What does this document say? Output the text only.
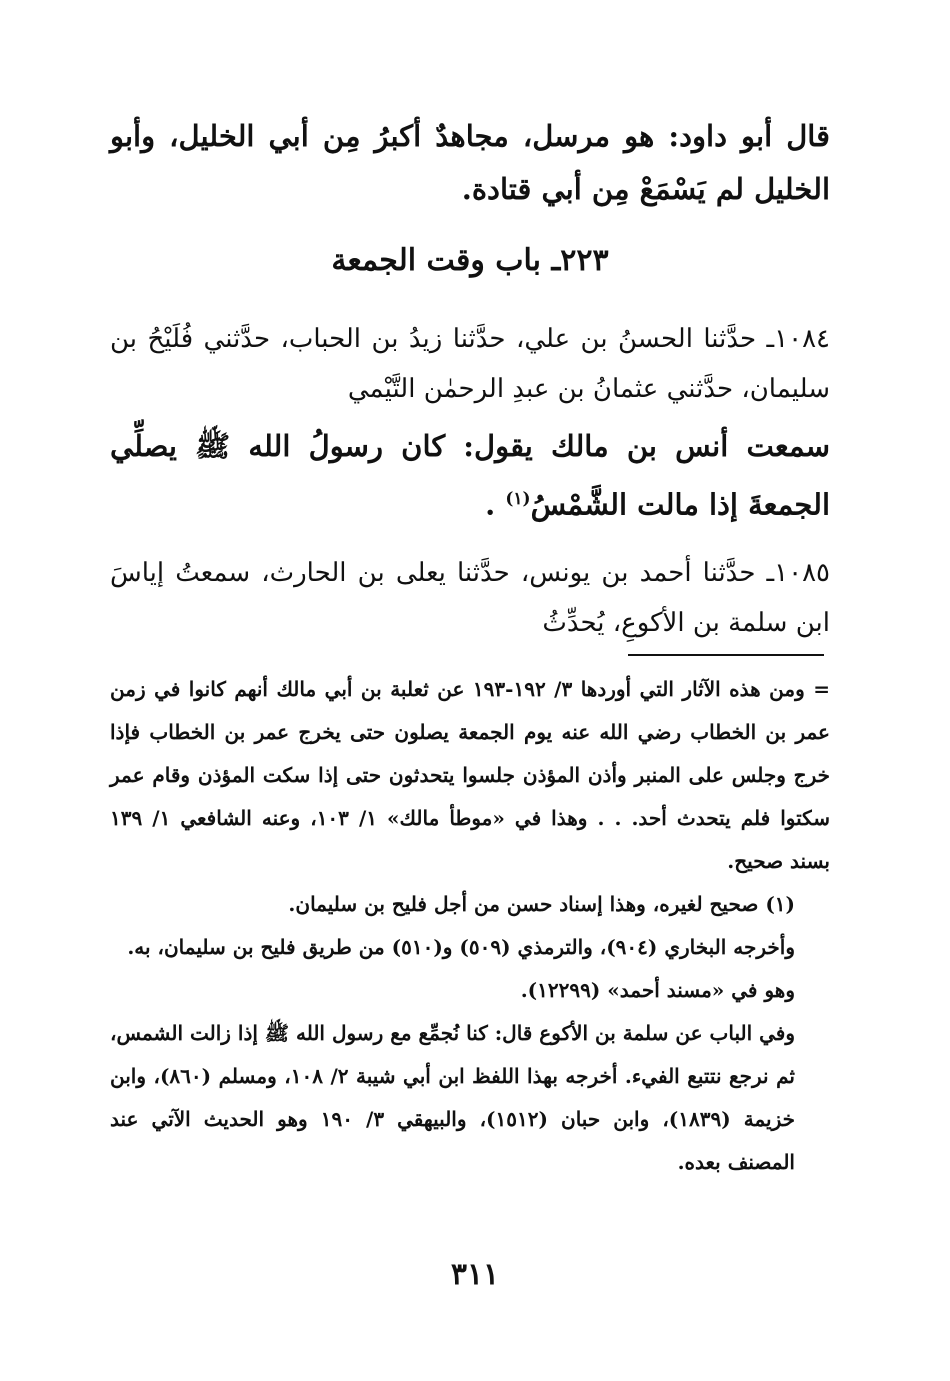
قال أبو داود: هو مرسل، مجاهدٌ أكبرُ مِن أبي الخليل، وأبو الخليل لم يَسْمَعْ مِن أبي قتادة.
٢٢٣ـ باب وقت الجمعة
١٠٨٤ـ حدَّثنا الحسنُ بن علي، حدَّثنا زيدُ بن الحباب، حدَّثني فُلَيْحُ بن سليمان، حدَّثني عثمانُ بن عبدِ الرحمٰن التَّيْمي
سمعت أنس بن مالك يقول: كان رسولُ الله ﷺ يصلِّي الجمعةَ إذا مالت الشَّمْسُ$^{(١)}$ .
١٠٨٥ـ حدَّثنا أحمد بن يونس، حدَّثنا يعلى بن الحارث، سمعتُ إياسَ ابن سلمة بن الأكوعِ، يُحدِّثُ

= ومن هذه الآثار التي أوردها ٣/ ١٩٢-١٩٣ عن ثعلبة بن أبي مالك أنهم كانوا في زمن عمر بن الخطاب رضي الله عنه يوم الجمعة يصلون حتى يخرج عمر بن الخطاب فإذا خرج وجلس على المنبر وأذن المؤذن جلسوا يتحدثون حتى إذا سكت المؤذن وقام عمر سكتوا فلم يتحدث أحد. . . وهذا في «موطأ مالك» ١/ ١٠٣، وعنه الشافعي ١/ ١٣٩ بسند صحيح.

(١) صحيح لغيره، وهذا إسناد حسن من أجل فليح بن سليمان.

وأخرجه البخاري (٩٠٤)، والترمذي (٥٠٩) و(٥١٠) من طريق فليح بن سليمان، به.

وهو في «مسند أحمد» (١٢٢٩٩).

وفي الباب عن سلمة بن الأكوع قال: كنا نُجمِّع مع رسول الله ﷺ إذا زالت الشمس، ثم نرجع نتتبع الفيء. أخرجه بهذا اللفظ ابن أبي شيبة ٢/ ١٠٨، ومسلم (٨٦٠)، وابن خزيمة (١٨٣٩)، وابن حبان (١٥١٢)، والبيهقي ٣/ ١٩٠ وهو الحديث الآتي عند المصنف بعده.

٣١١
